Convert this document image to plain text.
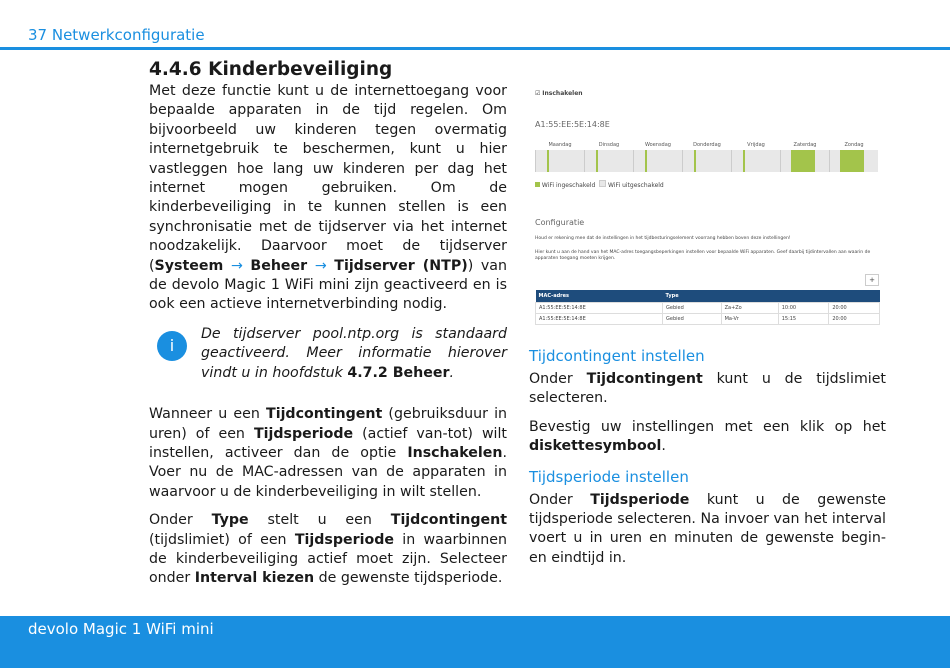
37 Netwerkconfiguratie
4.4.6 Kinderbeveiliging

Met deze functie kunt u de internettoegang voor bepaalde apparaten in de tijd regelen. Om bijvoorbeeld uw kinderen tegen overmatig internetgebruik te beschermen, kunt u hier vastleggen hoe lang uw kinderen per dag het internet mogen gebruiken. Om de kinderbeveiliging in te kunnen stellen is een synchronisatie met de tijdserver via het internet noodzakelijk. Daarvoor moet de tijdserver (Systeem → Beheer → Tijdserver (NTP)) van de devolo Magic 1 WiFi mini zijn geactiveerd en is ook een actieve internetverbinding nodig.

i

De tijdserver pool.ntp.org is standaard geactiveerd. Meer informatie hierover vindt u in hoofdstuk 4.7.2 Beheer.

Wanneer u een Tijdcontingent (gebruiksduur in uren) of een Tijdsperiode (actief van-tot) wilt instellen, activeer dan de optie Inschakelen. Voer nu de MAC-adressen van de apparaten in waarvoor u de kinderbeveiliging in wilt stellen.

Onder Type stelt u een Tijdcontingent (tijdslimiet) of een Tijdsperiode in waarbinnen de kinderbeveiliging actief moet zijn. Selecteer onder Interval kiezen de gewenste tijdsperiode.

☑ Inschakelen
A1:55:EE:5E:14:8E
Maandag	Dinsdag	Woensdag	Donderdag	Vrijdag	Zaterdag	Zondag
WiFi ingeschakeld WiFi uitgeschakeld
Configuratie
Houd er rekening mee dat de instellingen in het tijdbesturingselement voorrang hebben boven deze instellingen!
Hier kunt u aan de hand van het MAC-adres toegangsbeperkingen instellen voor bepaalde WiFi apparaten. Geef daarbij tijdintervallen aan waarin de apparaten toegang moeten krijgen.
+
MAC-adres	Type			
A1:55:EE:5E:14:8E	Gebied	Za+Zo	10:00	20:00
A1:55:EE:5E:14:8E	Gebied	Ma-Vr	15:15	20:00
Tijdcontingent instellen

Onder Tijdcontingent kunt u de tijdslimiet selecteren.

Bevestig uw instellingen met een klik op het diskettesymbool.

Tijdsperiode instellen

Onder Tijdsperiode kunt u de gewenste tijdsperiode selecteren. Na invoer van het interval voert u in uren en minuten de gewenste begin- en eindtijd in.

devolo Magic 1 WiFi mini
